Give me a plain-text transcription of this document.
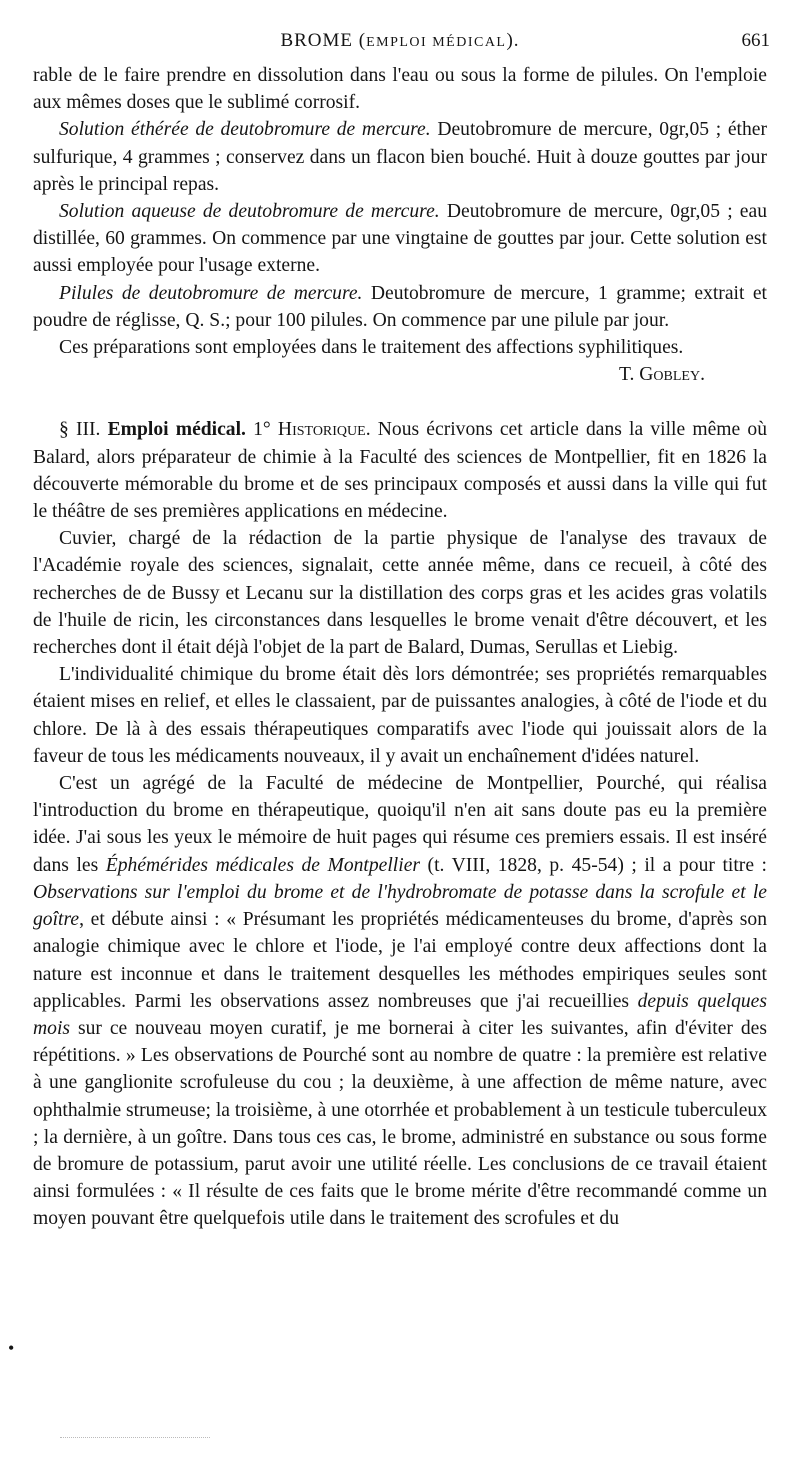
BROME (EMPLOI MÉDICAL).	661

rable de le faire prendre en dissolution dans l'eau ou sous la forme de pilules. On l'emploie aux mêmes doses que le sublimé corrosif.

Solution éthérée de deutobromure de mercure. Deutobromure de mercure, 0gr,05 ; éther sulfurique, 4 grammes ; conservez dans un flacon bien bouché. Huit à douze gouttes par jour après le principal repas.

Solution aqueuse de deutobromure de mercure. Deutobromure de mercure, 0gr,05 ; eau distillée, 60 grammes. On commence par une vingtaine de gouttes par jour. Cette solution est aussi employée pour l'usage externe.

Pilules de deutobromure de mercure. Deutobromure de mercure, 1 gramme; extrait et poudre de réglisse, Q. S.; pour 100 pilules. On commence par une pilule par jour.

Ces préparations sont employées dans le traitement des affections syphilitiques.

T. Gobley.

§ III. Emploi médical. 1° Historique. Nous écrivons cet article dans la ville même où Balard, alors préparateur de chimie à la Faculté des sciences de Montpellier, fit en 1826 la découverte mémorable du brome et de ses principaux composés et aussi dans la ville qui fut le théâtre de ses premières applications en médecine.

Cuvier, chargé de la rédaction de la partie physique de l'analyse des travaux de l'Académie royale des sciences, signalait, cette année même, dans ce recueil, à côté des recherches de de Bussy et Lecanu sur la distillation des corps gras et les acides gras volatils de l'huile de ricin, les circonstances dans lesquelles le brome venait d'être découvert, et les recherches dont il était déjà l'objet de la part de Balard, Dumas, Serullas et Liebig.

L'individualité chimique du brome était dès lors démontrée; ses propriétés remarquables étaient mises en relief, et elles le classaient, par de puissantes analogies, à côté de l'iode et du chlore. De là à des essais thérapeutiques comparatifs avec l'iode qui jouissait alors de la faveur de tous les médicaments nouveaux, il y avait un enchaînement d'idées naturel.

C'est un agrégé de la Faculté de médecine de Montpellier, Pourché, qui réalisa l'introduction du brome en thérapeutique, quoiqu'il n'en ait sans doute pas eu la première idée. J'ai sous les yeux le mémoire de huit pages qui résume ces premiers essais. Il est inséré dans les Éphémérides médicales de Montpellier (t. VIII, 1828, p. 45-54) ; il a pour titre : Observations sur l'emploi du brome et de l'hydrobromate de potasse dans la scrofule et le goître, et débute ainsi : « Présumant les propriétés médicamenteuses du brome, d'après son analogie chimique avec le chlore et l'iode, je l'ai employé contre deux affections dont la nature est inconnue et dans le traitement desquelles les méthodes empiriques seules sont applicables. Parmi les observations assez nombreuses que j'ai recueillies depuis quelques mois sur ce nouveau moyen curatif, je me bornerai à citer les suivantes, afin d'éviter des répétitions. » Les observations de Pourché sont au nombre de quatre : la première est relative à une ganglionite scrofuleuse du cou ; la deuxième, à une affection de même nature, avec ophthalmie strumeuse; la troisième, à une otorrhée et probablement à un testicule tuberculeux ; la dernière, à un goître. Dans tous ces cas, le brome, administré en substance ou sous forme de bromure de potassium, parut avoir une utilité réelle. Les conclusions de ce travail étaient ainsi formulées : « Il résulte de ces faits que le brome mérite d'être recommandé comme un moyen pouvant être quelquefois utile dans le traitement des scrofules et du

•
